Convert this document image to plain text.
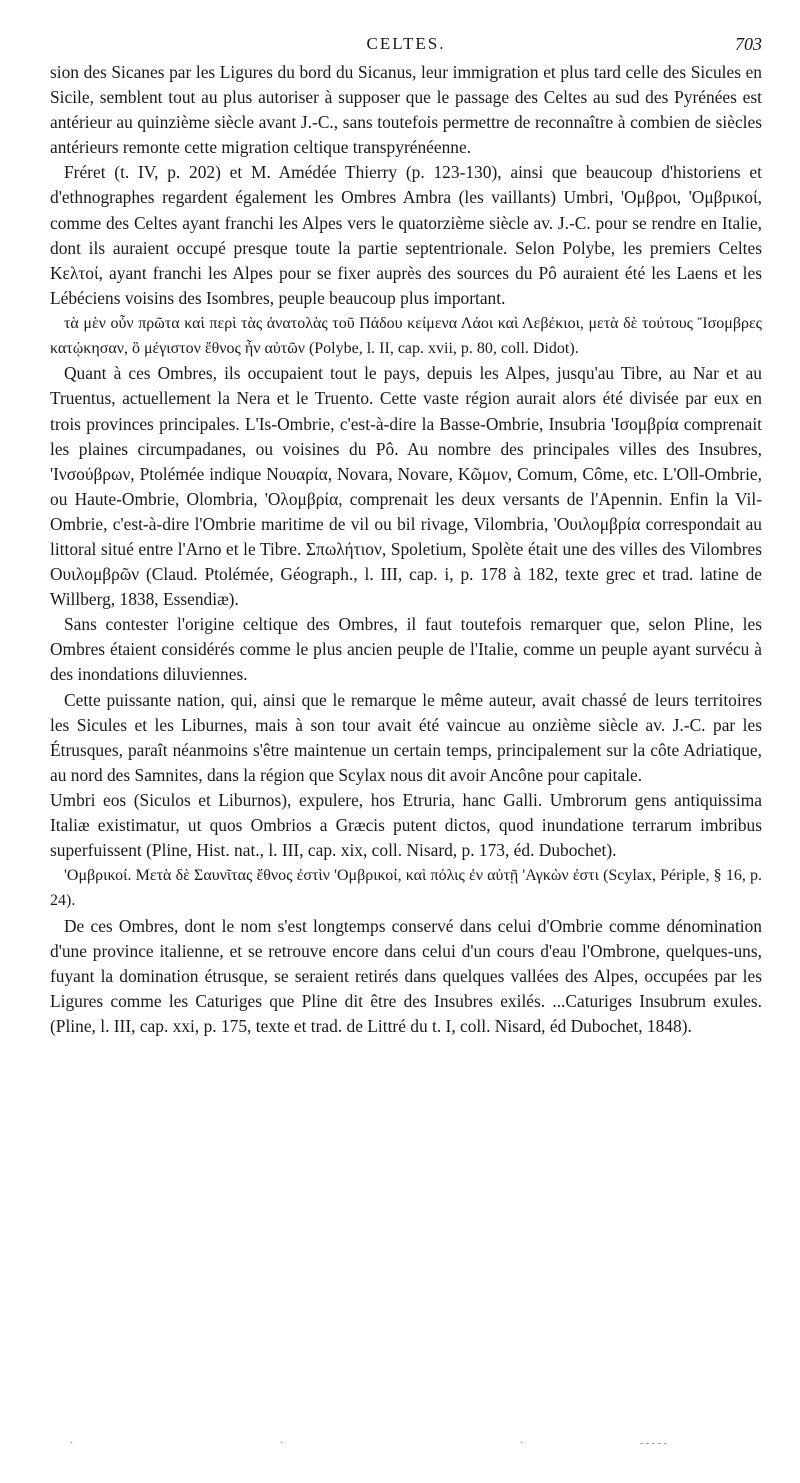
CELTES.	703

sion des Sicanes par les Ligures du bord du Sicanus, leur immigration et plus tard celle des Sicules en Sicile, semblent tout au plus autoriser à supposer que le passage des Celtes au sud des Pyrénées est antérieur au quinzième siècle avant J.-C., sans toutefois permettre de reconnaître à combien de siècles antérieurs remonte cette migration celtique transpyrénéenne.

Fréret (t. IV, p. 202) et M. Amédée Thierry (p. 123-130), ainsi que beaucoup d'historiens et d'ethnographes regardent également les Ombres Ambra (les vaillants) Umbri, 'Ομβροι, 'Ομβρικοί, comme des Celtes ayant franchi les Alpes vers le quatorzième siècle av. J.-C. pour se rendre en Italie, dont ils auraient occupé presque toute la partie septentrionale. Selon Polybe, les premiers Celtes Κελτοί, ayant franchi les Alpes pour se fixer auprès des sources du Pô auraient été les Laens et les Lébéciens voisins des Isombres, peuple beaucoup plus important.

τὰ μὲν οὖν πρῶτα καὶ περὶ τὰς ἀνατολὰς τοῦ Πάδου κείμενα Λάοι καὶ Λεβέκιοι, μετὰ δὲ τούτους Ἴσομβρες κατῴκησαν, ὃ μέγιστον ἔθνος ἦν αὐτῶν (Polybe, l. II, cap. xvii, p. 80, coll. Didot).

Quant à ces Ombres, ils occupaient tout le pays, depuis les Alpes, jusqu'au Tibre, au Nar et au Truentus, actuellement la Nera et le Truento. Cette vaste région aurait alors été divisée par eux en trois provinces principales. L'Is-Ombrie, c'est-à-dire la Basse-Ombrie, Insubria 'Ισομβρία comprenait les plaines circumpadanes, ou voisines du Pô. Au nombre des principales villes des Insubres, 'Ινσούβρων, Ptolémée indique Νουαρία, Novara, Novare, Κῶμον, Comum, Côme, etc. L'Oll-Ombrie, ou Haute-Ombrie, Olombria, 'Ολομβρία, comprenait les deux versants de l'Apennin. Enfin la Vil-Ombrie, c'est-à-dire l'Ombrie maritime de vil ou bil rivage, Vilombria, 'Ουιλομβρία correspondait au littoral situé entre l'Arno et le Tibre. Σπωλήτιον, Spoletium, Spolète était une des villes des Vilombres Ουιλομβρῶν (Claud. Ptolémée, Géograph., l. III, cap. i, p. 178 à 182, texte grec et trad. latine de Willberg, 1838, Essendiæ).

Sans contester l'origine celtique des Ombres, il faut toutefois remarquer que, selon Pline, les Ombres étaient considérés comme le plus ancien peuple de l'Italie, comme un peuple ayant survécu à des inondations diluviennes.

Cette puissante nation, qui, ainsi que le remarque le même auteur, avait chassé de leurs territoires les Sicules et les Liburnes, mais à son tour avait été vaincue au onzième siècle av. J.-C. par les Étrusques, paraît néanmoins s'être maintenue un certain temps, principalement sur la côte Adriatique, au nord des Samnites, dans la région que Scylax nous dit avoir Ancône pour capitale.

Umbri eos (Siculos et Liburnos), expulere, hos Etruria, hanc Galli. Umbrorum gens antiquissima Italiæ existimatur, ut quos Ombrios a Græcis putent dictos, quod inundatione terrarum imbribus superfuissent (Pline, Hist. nat., l. III, cap. xix, coll. Nisard, p. 173, éd. Dubochet).

'Ομβρικοί. Μετὰ δὲ Σαυνῖτας ἔθνος ἐστὶν 'Ομβρικοί, καὶ πόλις ἐν αὐτῇ 'Αγκὼν ἐστι (Scylax, Périple, § 16, p. 24).

De ces Ombres, dont le nom s'est longtemps conservé dans celui d'Ombrie comme dénomination d'une province italienne, et se retrouve encore dans celui d'un cours d'eau l'Ombrone, quelques-uns, fuyant la domination étrusque, se seraient retirés dans quelques vallées des Alpes, occupées par les Ligures comme les Caturiges que Pline dit être des Insubres exilés. ...Caturiges Insubrum exules. (Pline, l. III, cap. xxi, p. 175, texte et trad. de Littré du t. I, coll. Nisard, éd Dubochet, 1848).

·	·	·	- - - - -
